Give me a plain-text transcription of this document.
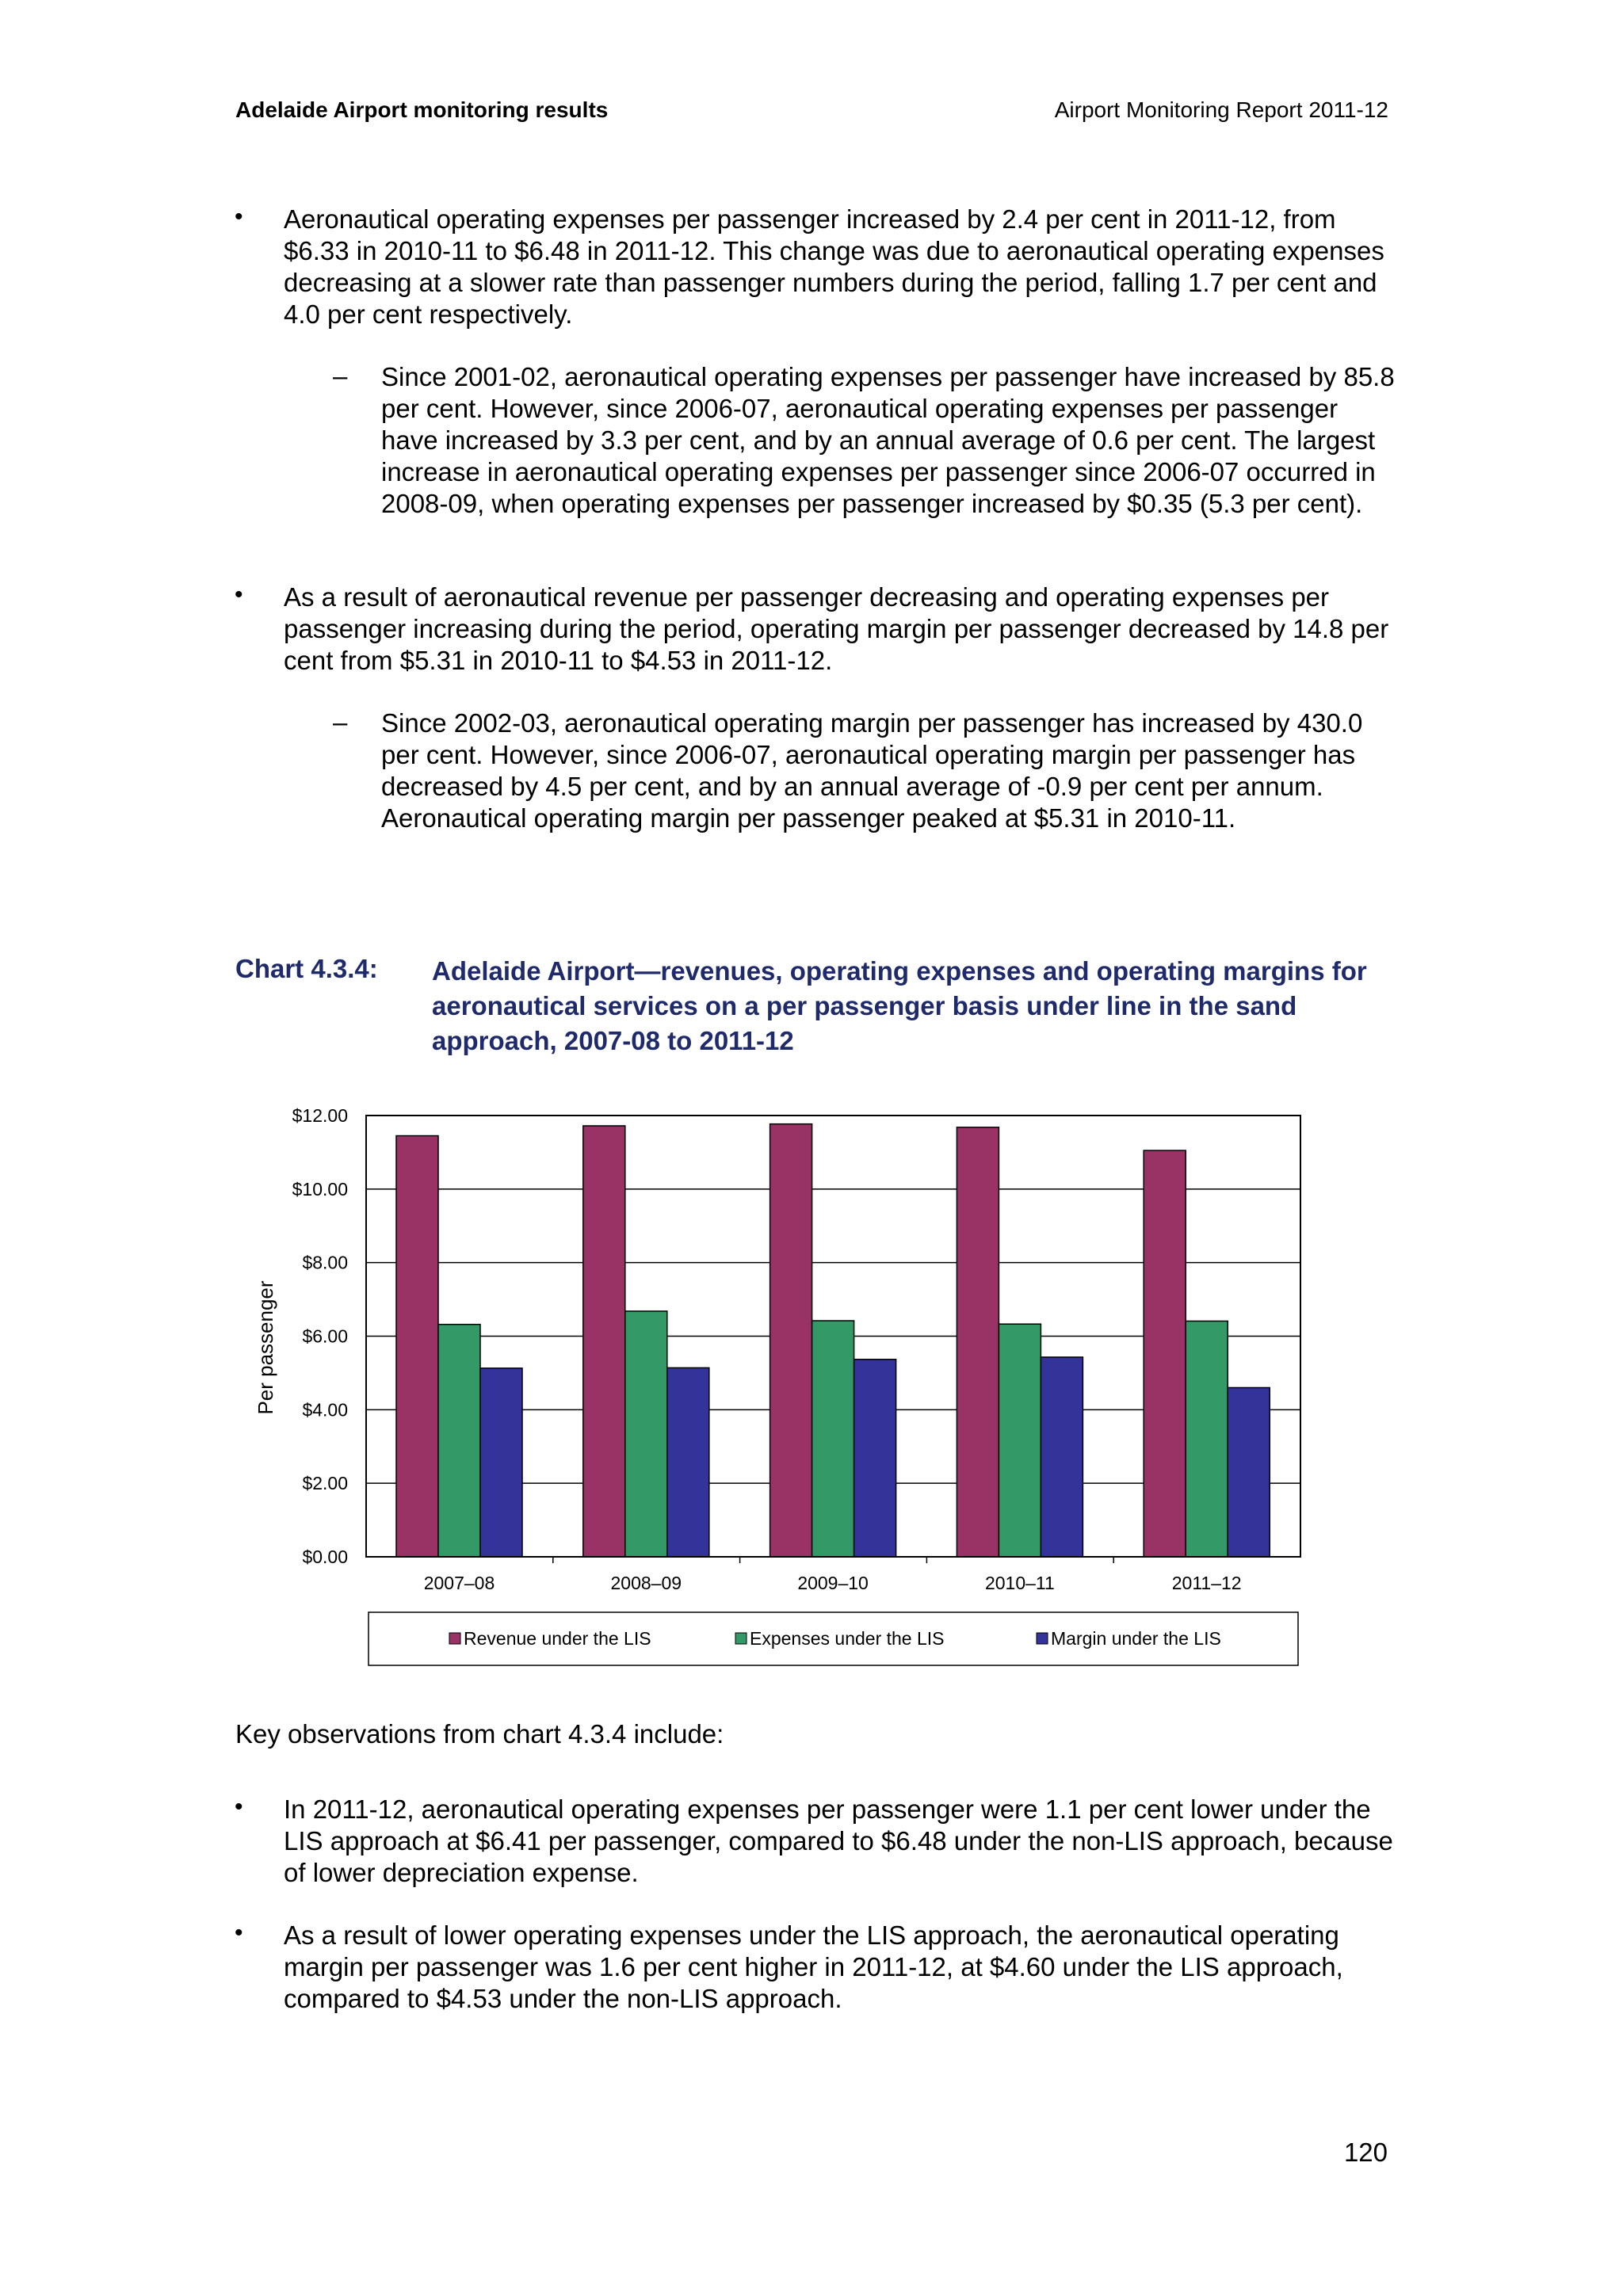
Adelaide Airport monitoring results	Airport Monitoring Report 2011-12
• Aeronautical operating expenses per passenger increased by 2.4 per cent in 2011-12, from $6.33 in 2010-11 to $6.48 in 2011-12. This change was due to aeronautical operating expenses decreasing at a slower rate than passenger numbers during the period, falling 1.7 per cent and 4.0 per cent respectively.
– Since 2001-02, aeronautical operating expenses per passenger have increased by 85.8 per cent. However, since 2006-07, aeronautical operating expenses per passenger have increased by 3.3 per cent, and by an annual average of 0.6 per cent. The largest increase in aeronautical operating expenses per passenger since 2006-07 occurred in 2008-09, when operating expenses per passenger increased by $0.35 (5.3 per cent).
• As a result of aeronautical revenue per passenger decreasing and operating expenses per passenger increasing during the period, operating margin per passenger decreased by 14.8 per cent from $5.31 in 2010-11 to $4.53 in 2011-12.
– Since 2002-03, aeronautical operating margin per passenger has increased by 430.0 per cent. However, since 2006-07, aeronautical operating margin per passenger has decreased by 4.5 per cent, and by an annual average of -0.9 per cent per annum. Aeronautical operating margin per passenger peaked at $5.31 in 2010-11.
Chart 4.3.4: Adelaide Airport—revenues, operating expenses and operating margins for aeronautical services on a per passenger basis under line in the sand approach, 2007-08 to 2011-12
Per passenger
$0.00
$2.00
$4.00
$6.00
$8.00
$10.00
$12.00
2007–08	2008–09	2009–10	2010–11	2011–12
Revenue under the LIS	Expenses under the LIS	Margin under the LIS
Key observations from chart 4.3.4 include:
• In 2011-12, aeronautical operating expenses per passenger were 1.1 per cent lower under the LIS approach at $6.41 per passenger, compared to $6.48 under the non-LIS approach, because of lower depreciation expense.
• As a result of lower operating expenses under the LIS approach, the aeronautical operating margin per passenger was 1.6 per cent higher in 2011-12, at $4.60 under the LIS approach, compared to $4.53 under the non-LIS approach.
120
